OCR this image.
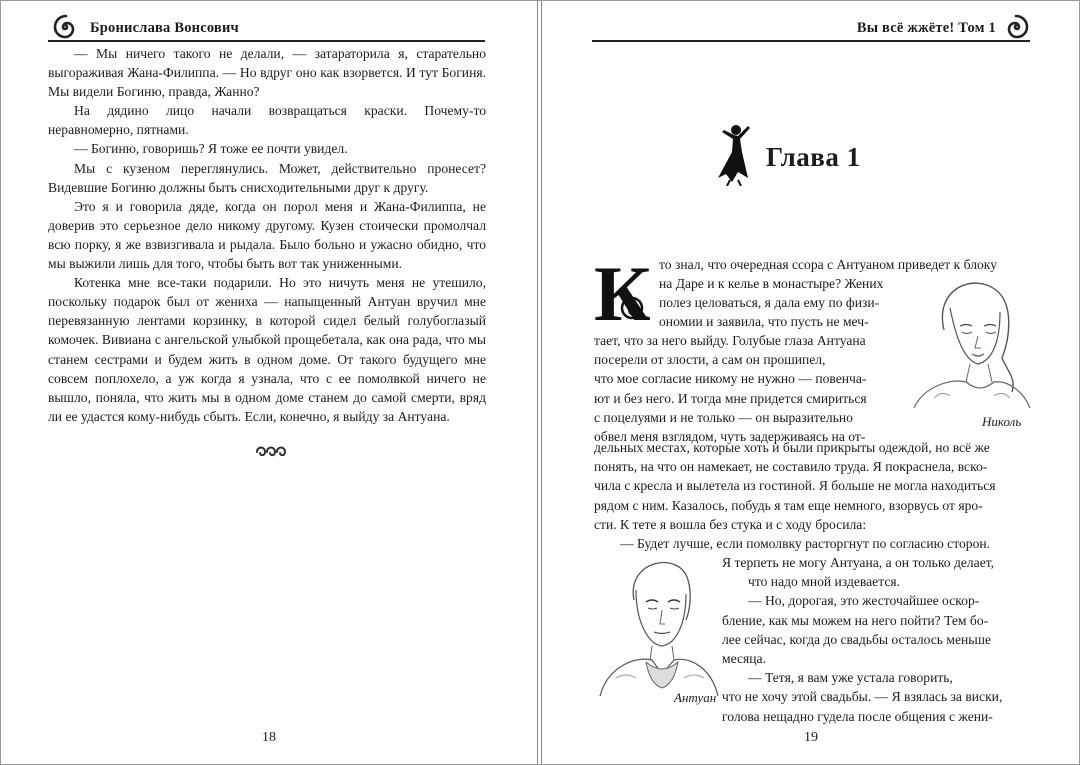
Бронислава Вонсович

— Мы ничего такого не делали, — затараторила я, старательно выгораживая Жана-Филиппа. — Но вдруг оно как взорвется. И тут Богиня. Мы видели Богиню, правда, Жанно?

На дядино лицо начали возвращаться краски. Почему-то неравномерно, пятнами.

— Богиню, говоришь? Я тоже ее почти увидел.

Мы с кузеном переглянулись. Может, действительно пронесет? Видевшие Богиню должны быть снисходительными друг к другу.

Это я и говорила дяде, когда он порол меня и Жана-Филиппа, не доверив это серьезное дело никому другому. Кузен стоически промолчал всю порку, я же взвизгивала и рыдала. Было больно и ужасно обидно, что мы выжили лишь для того, чтобы быть вот так униженными.

Котенка мне все-таки подарили. Но это ничуть меня не утешило, поскольку подарок был от жениха — напыщенный Антуан вручил мне перевязанную лентами корзинку, в которой сидел белый голубоглазый комочек. Вивиана с ангельской улыбкой прощебетала, как она рада, что мы станем сестрами и будем жить в одном доме. От такого будущего мне совсем поплохело, а уж когда я узнала, что с ее помолвкой ничего не вышло, поняла, что жить мы в одном доме станем до самой смерти, вряд ли ее удастся кому-нибудь сбыть. Если, конечно, я выйду за Антуана.

18
Вы всё жжёте! Том 1
Глава 1
К то знал, что очередная ссора с Антуаном приведет к блоку
на Даре и к келье в монастыре? Жених
полез целоваться, я дала ему по физи-
ономии и заявила, что пусть не меч-
тает, что за него выйду. Голубые глаза Антуана
посерели от злости, а сам он прошипел,
что мое согласие никому не нужно — повенча-
ют и без него. И тогда мне придется смириться
с поцелуями и не только — он выразительно
обвел меня взглядом, чуть задерживаясь на от-
Николь
дельных местах, которые хоть и были прикрыты одеждой, но всё же
понять, на что он намекает, не составило труда. Я покраснела, вско-
чила с кресла и вылетела из гостиной. Я больше не могла находиться
рядом с ним. Казалось, побудь я там еще немного, взорвусь от яро-
сти. К тете я вошла без стука и с ходу бросила:
— Будет лучше, если помолвку расторгнут по согласию сторон.
Антуан
Я терпеть не могу Антуана, а он только делает,
что надо мной издевается.
— Но, дорогая, это жесточайшее оскор-
бление, как мы можем на него пойти? Тем бо-
лее сейчас, когда до свадьбы осталось меньше
месяца.
— Тетя, я вам уже устала говорить,
что не хочу этой свадьбы. — Я взялась за виски,
голова нещадно гудела после общения с жени-
19
